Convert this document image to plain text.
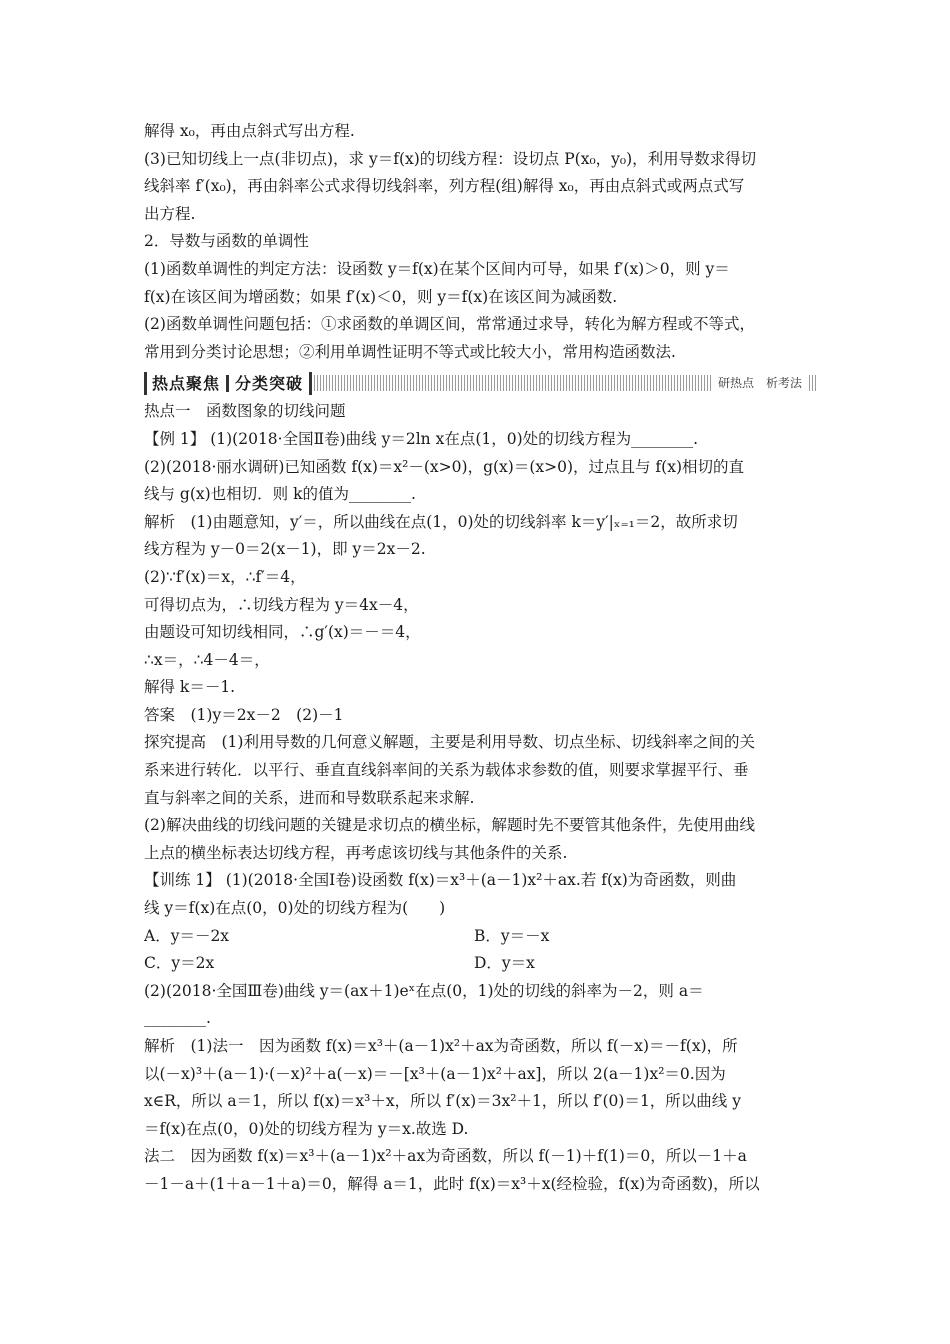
解得 x₀，再由点斜式写出方程.
(3)已知切线上一点(非切点)，求 y＝f(x)的切线方程：设切点 P(x₀，y₀)，利用导数求得切
线斜率 f′(x₀)，再由斜率公式求得切线斜率，列方程(组)解得 x₀，再由点斜式或两点式写
出方程.
2．导数与函数的单调性
(1)函数单调性的判定方法：设函数 y＝f(x)在某个区间内可导，如果 f′(x)＞0，则 y＝
f(x)在该区间为增函数；如果 f′(x)＜0，则 y＝f(x)在该区间为减函数.
(2)函数单调性问题包括：①求函数的单调区间，常常通过求导，转化为解方程或不等式，
常用到分类讨论思想；②利用单调性证明不等式或比较大小，常用构造函数法.
热点聚焦 分类突破	研热点　析考法
热点一　函数图象的切线问题
【例 1】 (1)(2018·全国Ⅱ卷)曲线 y＝2ln x在点(1，0)处的切线方程为________.
(2)(2018·丽水调研)已知函数 f(x)＝x²－(x>0)，g(x)＝(x>0)，过点且与 f(x)相切的直
线与 g(x)也相切．则 k的值为________.
解析　(1)由题意知，y′＝，所以曲线在点(1，0)处的切线斜率 k＝y′|ₓ₌₁＝2，故所求切
线方程为 y－0＝2(x－1)，即 y＝2x－2.
(2)∵f′(x)＝x，∴f′＝4，
可得切点为，∴切线方程为 y＝4x－4，
由题设可知切线相同，∴g′(x)＝－＝4，
∴x＝，∴4－4＝，
解得 k＝－1.
答案　(1)y＝2x－2　(2)－1
探究提高　(1)利用导数的几何意义解题，主要是利用导数、切点坐标、切线斜率之间的关
系来进行转化．以平行、垂直直线斜率间的关系为载体求参数的值，则要求掌握平行、垂
直与斜率之间的关系，进而和导数联系起来求解.
(2)解决曲线的切线问题的关键是求切点的横坐标，解题时先不要管其他条件，先使用曲线
上点的横坐标表达切线方程，再考虑该切线与其他条件的关系.
【训练 1】 (1)(2018·全国Ⅰ卷)设函数 f(x)＝x³＋(a－1)x²＋ax.若 f(x)为奇函数，则曲
线 y＝f(x)在点(0，0)处的切线方程为(　　)
A．y＝－2x	B．y＝－x
C．y＝2x	D．y＝x
(2)(2018·全国Ⅲ卷)曲线 y＝(ax＋1)eˣ在点(0，1)处的切线的斜率为－2，则 a＝
________.
解析　(1)法一　因为函数 f(x)＝x³＋(a－1)x²＋ax为奇函数，所以 f(－x)＝－f(x)，所
以(－x)³＋(a－1)·(－x)²＋a(－x)＝－[x³＋(a－1)x²＋ax]，所以 2(a－1)x²＝0.因为
x∈R，所以 a＝1，所以 f(x)＝x³＋x，所以 f′(x)＝3x²＋1，所以 f′(0)＝1，所以曲线 y
＝f(x)在点(0，0)处的切线方程为 y＝x.故选 D.
法二　因为函数 f(x)＝x³＋(a－1)x²＋ax为奇函数，所以 f(－1)＋f(1)＝0，所以－1＋a
－1－a＋(1＋a－1＋a)＝0，解得 a＝1，此时 f(x)＝x³＋x(经检验，f(x)为奇函数)，所以
